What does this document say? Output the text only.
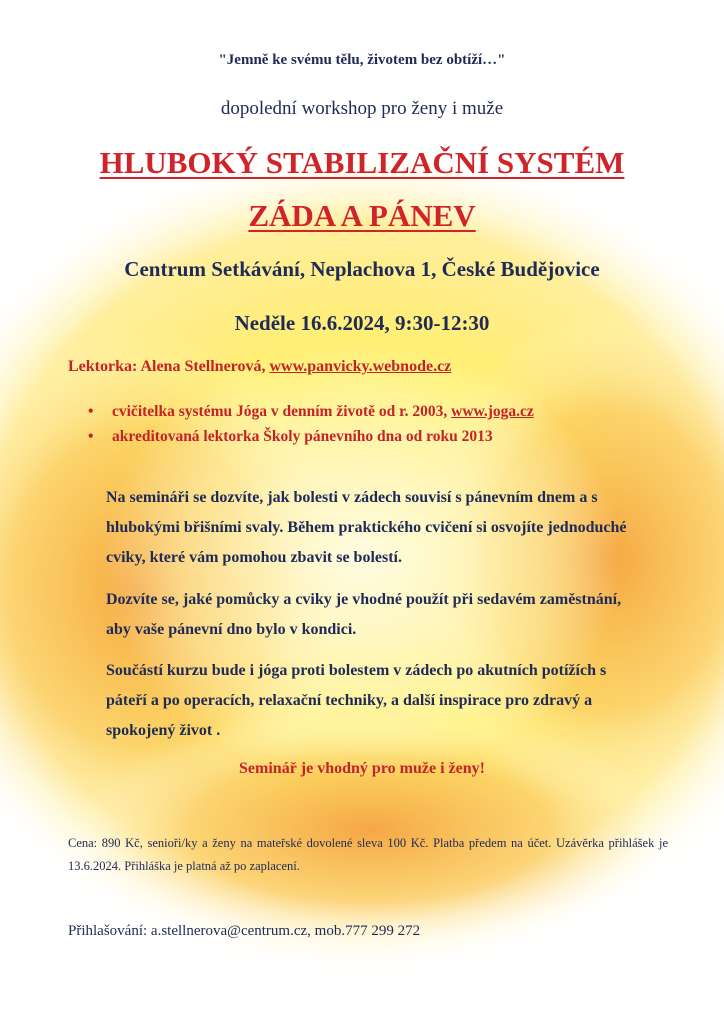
"Jemně ke svému tělu, životem bez obtíží…"
dopolední workshop pro ženy i muže
HLUBOKÝ STABILIZAČNÍ SYSTÉM
ZÁDA A PÁNEV
Centrum Setkávání, Neplachova 1, České Budějovice
Neděle 16.6.2024, 9:30-12:30
Lektorka: Alena Stellnerová, www.panvicky.webnode.cz
• cvičitelka systému Jóga v denním životě od r. 2003, www.joga.cz
• akreditovaná lektorka Školy pánevního dna od roku 2013

Na semináři se dozvíte, jak bolesti v zádech souvisí s pánevním dnem a s hlubokými břišními svaly. Během praktického cvičení si osvojíte jednoduché cviky, které vám pomohou zbavit se bolestí.

Dozvíte se, jaké pomůcky a cviky je vhodné použít při sedavém zaměstnání, aby vaše pánevní dno bylo v kondici.

Součástí kurzu bude i jóga proti bolestem v zádech po akutních potížích s páteří a po operacích, relaxační techniky, a další inspirace pro zdravý a spokojený život .

Seminář je vhodný pro muže i ženy!

Cena: 890 Kč, senioři/ky a ženy na mateřské dovolené sleva 100 Kč. Platba předem na účet. Uzávěrka přihlášek je 13.6.2024. Přihláška je platná až po zaplacení.

Přihlašování: a.stellnerova@centrum.cz, mob.777 299 272
